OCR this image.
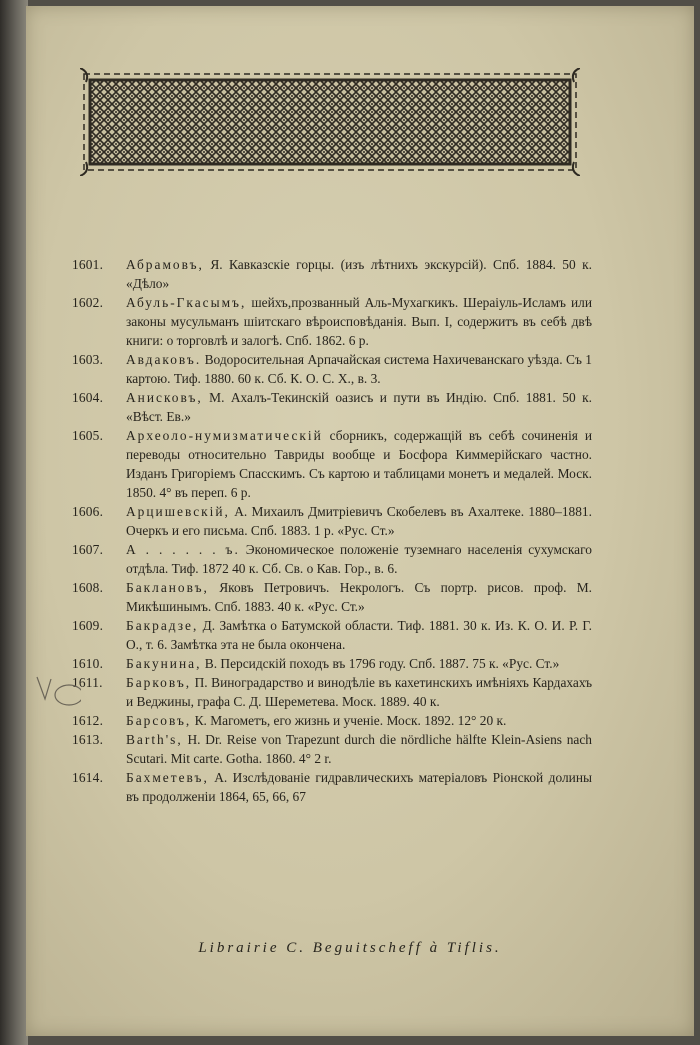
1601.	Абрамовъ, Я. Кавказскіе горцы. (изъ лѣтнихъ экскурсій). Спб. 1884. 50 к. «Дѣло»
1602.	Абуль-Гкасымъ, шейхъ,прозванный Аль-Мухагкикъ. Шераіуль-Исламъ или законы мусульманъ шіитскаго вѣроисповѣданія. Вып. I, содержитъ въ себѣ двѣ книги: о торговлѣ и залогѣ. Спб. 1862. 6 р.
1603.	Авдаковъ. Водоросительная Арпачайская система Нахичеванскаго уѣзда. Съ 1 картою. Тиф. 1880. 60 к. Сб. К. О. С. Х., в. 3.
1604.	Анисковъ, М. Ахалъ-Текинскій оазисъ и пути въ Индію. Спб. 1881. 50 к. «Вѣст. Ев.»
1605.	Археоло-нумизматическій сборникъ, содержащій въ себѣ сочиненія и переводы относительно Тавриды вообще и Босфора Киммерійскаго частно. Изданъ Григоріемъ Спасскимъ. Съ картою и таблицами монетъ и медалей. Моск. 1850. 4° въ переп. 6 р.
1606.	Арцишевскій, А. Михаилъ Дмитріевичъ Скобелевъ въ Ахалтеке. 1880–1881. Очеркъ и его письма. Спб. 1883. 1 р. «Рус. Ст.»
1607.	А . . . . . . ъ. Экономическое положеніе туземнаго населенія сухумскаго отдѣла. Тиф. 1872 40 к. Сб. Св. о Кав. Гор., в. 6.
1608.	Баклановъ, Яковъ Петровичъ. Некрологъ. Съ портр. рисов. проф. М. Микѣшинымъ. Спб. 1883. 40 к. «Рус. Ст.»
1609.	Бакрадзе, Д. Замѣтка о Батумской области. Тиф. 1881. 30 к. Из. К. О. И. Р. Г. О., т. 6. Замѣтка эта не была окончена.
1610.	Бакунина, В. Персидскій походъ въ 1796 году. Спб. 1887. 75 к. «Рус. Ст.»
1611.	Барковъ, П. Виноградарство и винодѣліе въ кахетинскихъ имѣніяхъ Кардахахъ и Веджины, графа С. Д. Шереметева. Моск. 1889. 40 к.
1612.	Барсовъ, К. Магометъ, его жизнь и ученіе. Моск. 1892. 12° 20 к.
1613.	Barth's, H. Dr. Reise von Trapezunt durch die nördliche hälfte Klein-Asiens nach Scutari. Mit carte. Gotha. 1860. 4° 2 r.
1614.	Бахметевъ, А. Изслѣдованіе гидравлическихъ матеріаловъ Ріонской долины въ продолженіи 1864, 65, 66, 67
Librairie C. Beguitscheff à Tiflis.
